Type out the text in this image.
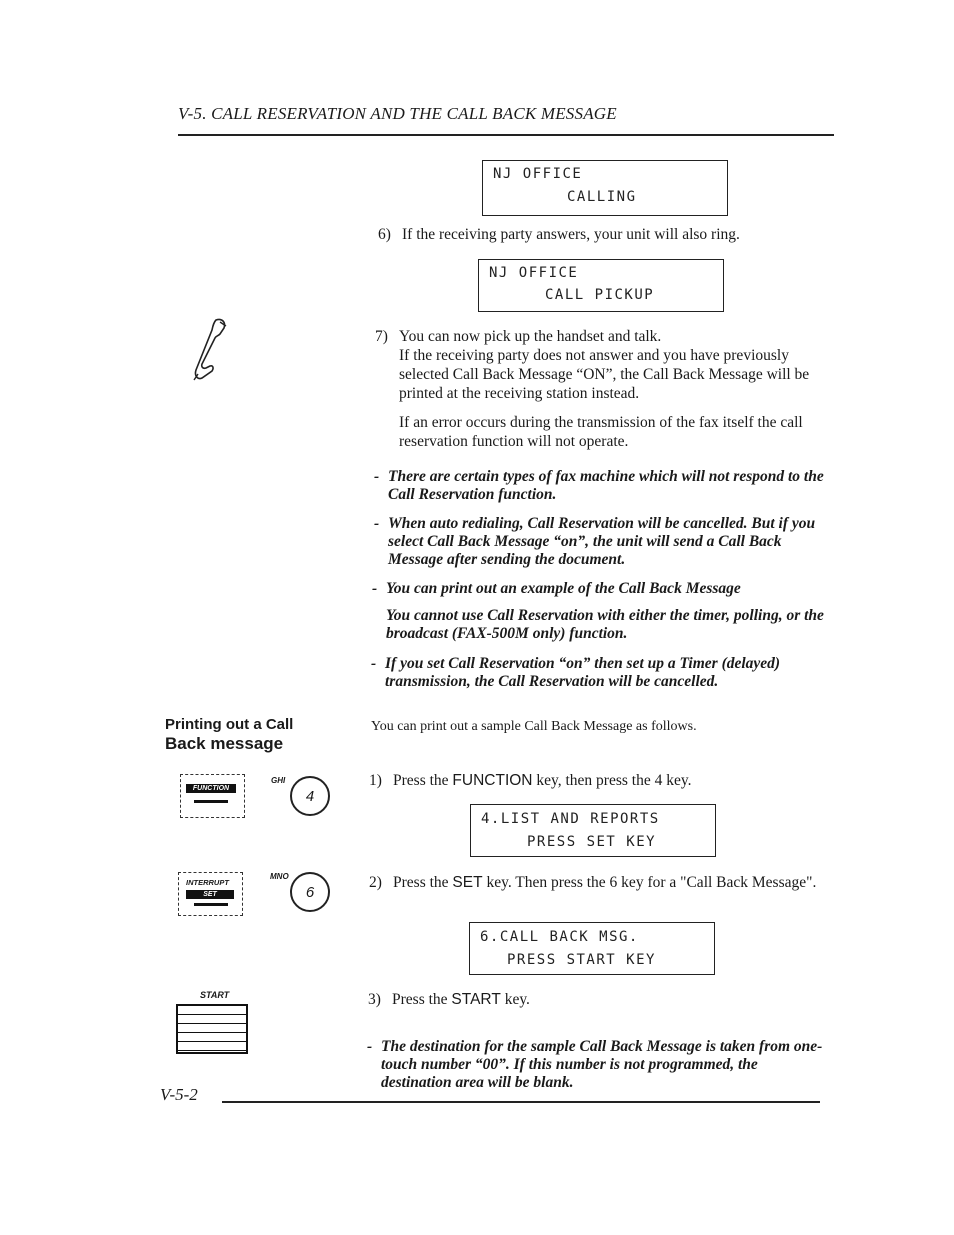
V-5. CALL RESERVATION AND THE CALL BACK MESSAGE
NJ OFFICE
CALLING
6) If the receiving party answers, your unit will also ring.
NJ OFFICE
CALL PICKUP
7) You can now pick up the handset and talk.
If the receiving party does not answer and you have previously selected Call Back Message “ON”, the Call Back Message will be printed at the receiving station instead.
If an error occurs during the transmission of the fax itself the call reservation function will not operate.
- There are certain types of fax machine which will not respond to the Call Reservation function.
- When auto redialing, Call Reservation will be cancelled. But if you select Call Back Message “on”, the unit will send a Call Back Message after sending the document.
- You can print out an example of the Call Back Message
You cannot use Call Reservation with either the timer, polling, or the broadcast (FAX-500M only) function.
- If you set Call Reservation “on” then set up a Timer (delayed) transmission, the Call Reservation will be cancelled.
Printing out a Call
Back message
You can print out a sample Call Back Message as follows.
FUNCTION
GHI
4
1) Press the FUNCTION key, then press the 4 key.
4.LIST AND REPORTS
PRESS SET KEY
INTERRUPT
SET
MNO
6
2) Press the SET key. Then press the 6 key for a "Call Back Message".
6.CALL BACK MSG.
PRESS START KEY
START	3) Press the START key.
- The destination for the sample Call Back Message is taken from one-touch number “00”. If this number is not programmed, the destination area will be blank.
V-5-2
